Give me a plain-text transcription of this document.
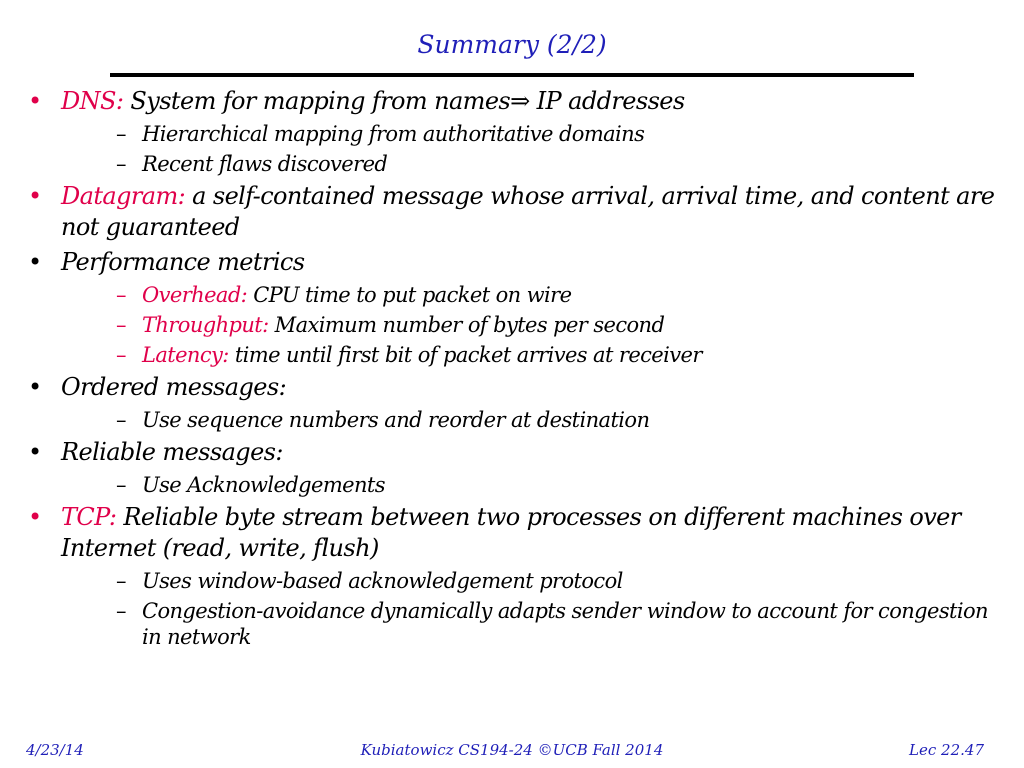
Summary (2/2)
• DNS: System for mapping from names⇒ IP addresses
– Hierarchical mapping from authoritative domains
– Recent flaws discovered
• Datagram: a self-contained message whose arrival, arrival time, and content are not guaranteed
• Performance metrics
– Overhead: CPU time to put packet on wire
– Throughput: Maximum number of bytes per second
– Latency: time until first bit of packet arrives at receiver
• Ordered messages:
– Use sequence numbers and reorder at destination
• Reliable messages:
– Use Acknowledgements
• TCP: Reliable byte stream between two processes on different machines over Internet (read, write, flush)
– Uses window-based acknowledgement protocol
– Congestion-avoidance dynamically adapts sender window to account for congestion in network
4/23/14	Kubiatowicz CS194-24 ©UCB Fall 2014	Lec 22.47
